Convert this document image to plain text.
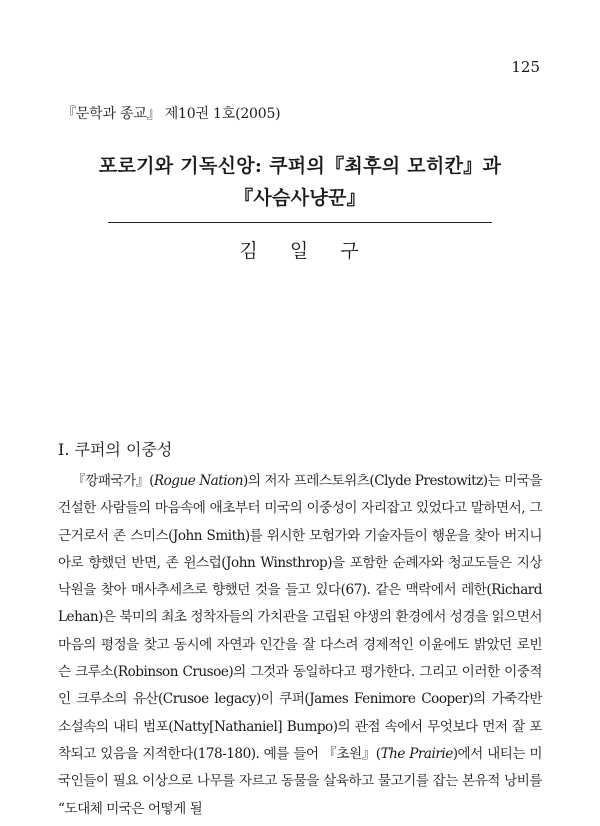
125
『문학과 종교』 제10권 1호(2005)
포로기와 기독신앙: 쿠퍼의『최후의 모히칸』과
『사슴사냥꾼』
김 일 구
I. 쿠퍼의 이중성

『깡패국가』(Rogue Nation)의 저자 프레스토위츠(Clyde Prestowitz)는 미국을 건설한 사람들의 마음속에 애초부터 미국의 이중성이 자리잡고 있었다고 말하면서, 그 근거로서 존 스미스(John Smith)를 위시한 모험가와 기술자들이 행운을 찾아 버지니아로 향했던 반면, 존 윈스럽(John Winsthrop)을 포함한 순례자와 청교도들은 지상낙원을 찾아 매사추세츠로 향했던 것을 들고 있다(67). 같은 맥락에서 레한(Richard Lehan)은 북미의 최초 정착자들의 가치관을 고립된 야생의 환경에서 성경을 읽으면서 마음의 평정을 찾고 동시에 자연과 인간을 잘 다스려 경제적인 이윤에도 밝았던 로빈슨 크루소(Robinson Crusoe)의 그것과 동일하다고 평가한다. 그리고 이러한 이중적인 크루소의 유산(Crusoe legacy)이 쿠퍼(James Fenimore Cooper)의 가죽각반 소설속의 내티 범포(Natty[Nathaniel] Bumpo)의 관점 속에서 무엇보다 먼저 잘 포착되고 있음을 지적한다(178-180). 예를 들어 『초원』(The Prairie)에서 내티는 미국인들이 필요 이상으로 나무를 자르고 동물을 살육하고 물고기를 잡는 본유적 낭비를 “도대체 미국은 어떻게 될
